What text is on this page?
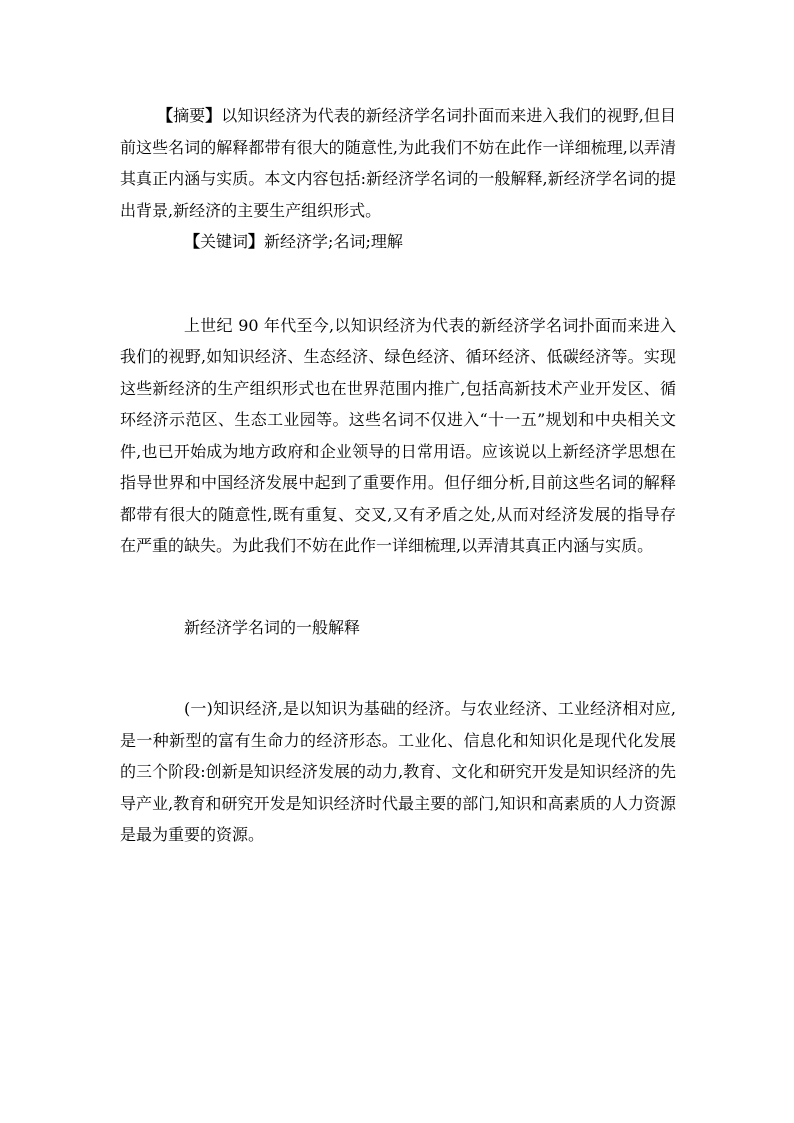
【摘要】以知识经济为代表的新经济学名词扑面而来进入我们的视野,但目前这些名词的解释都带有很大的随意性,为此我们不妨在此作一详细梳理,以弄清其真正内涵与实质。本文内容包括:新经济学名词的一般解释,新经济学名词的提出背景,新经济的主要生产组织形式。

【关键词】新经济学;名词;理解

上世纪 90 年代至今,以知识经济为代表的新经济学名词扑面而来进入我们的视野,如知识经济、生态经济、绿色经济、循环经济、低碳经济等。实现这些新经济的生产组织形式也在世界范围内推广,包括高新技术产业开发区、循环经济示范区、生态工业园等。这些名词不仅进入“十一五”规划和中央相关文件,也已开始成为地方政府和企业领导的日常用语。应该说以上新经济学思想在指导世界和中国经济发展中起到了重要作用。但仔细分析,目前这些名词的解释都带有很大的随意性,既有重复、交叉,又有矛盾之处,从而对经济发展的指导存在严重的缺失。为此我们不妨在此作一详细梳理,以弄清其真正内涵与实质。

新经济学名词的一般解释

(一)知识经济,是以知识为基础的经济。与农业经济、工业经济相对应,是一种新型的富有生命力的经济形态。工业化、信息化和知识化是现代化发展的三个阶段:创新是知识经济发展的动力,教育、文化和研究开发是知识经济的先导产业,教育和研究开发是知识经济时代最主要的部门,知识和高素质的人力资源是最为重要的资源。
